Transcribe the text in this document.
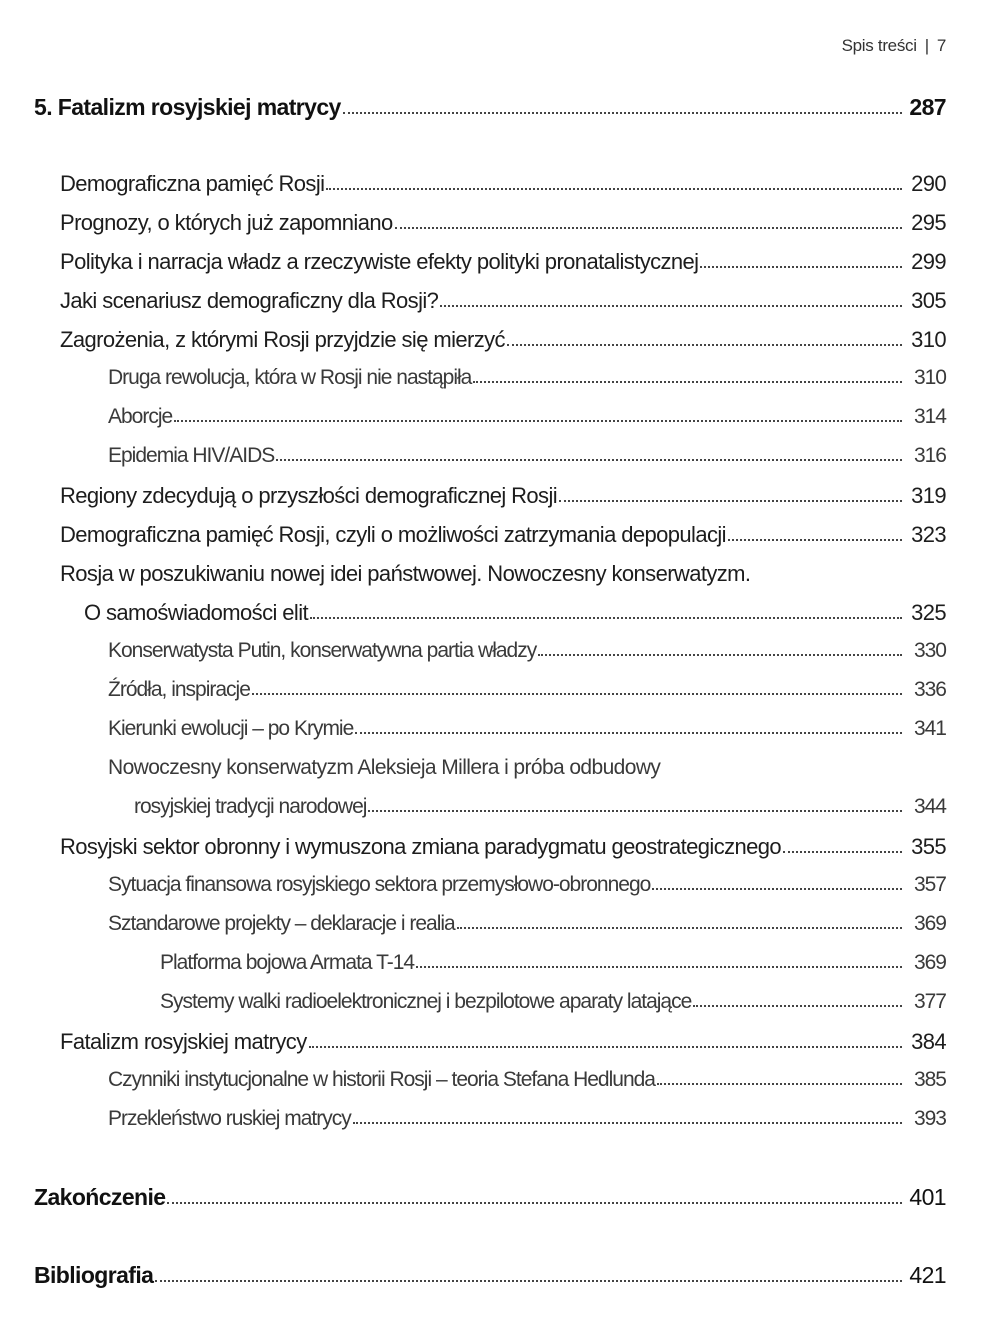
Spis treści | 7
5. Fatalizm rosyjskiej matrycy	287
Demograficzna pamięć Rosji	290
Prognozy, o których już zapomniano	295
Polityka i narracja władz a rzeczywiste efekty polityki pronatalistycznej	299
Jaki scenariusz demograficzny dla Rosji?	305
Zagrożenia, z którymi Rosji przyjdzie się mierzyć	310
Druga rewolucja, która w Rosji nie nastąpiła	310
Aborcje	314
Epidemia HIV/AIDS	316
Regiony zdecydują o przyszłości demograficznej Rosji	319
Demograficzna pamięć Rosji, czyli o możliwości zatrzymania depopulacji	323
Rosja w poszukiwaniu nowej idei państwowej. Nowoczesny konserwatyzm.
O samoświadomości elit	325
Konserwatysta Putin, konserwatywna partia władzy	330
Źródła, inspiracje	336
Kierunki ewolucji – po Krymie	341
Nowoczesny konserwatyzm Aleksieja Millera i próba odbudowy
rosyjskiej tradycji narodowej	344
Rosyjski sektor obronny i wymuszona zmiana paradygmatu geostrategicznego	355
Sytuacja finansowa rosyjskiego sektora przemysłowo-obronnego	357
Sztandarowe projekty – deklaracje i realia	369
Platforma bojowa Armata T-14	369
Systemy walki radioelektronicznej i bezpilotowe aparaty latające	377
Fatalizm rosyjskiej matrycy	384
Czynniki instytucjonalne w historii Rosji – teoria Stefana Hedlunda	385
Przekleństwo ruskiej matrycy	393
Zakończenie	401
Bibliografia	421
